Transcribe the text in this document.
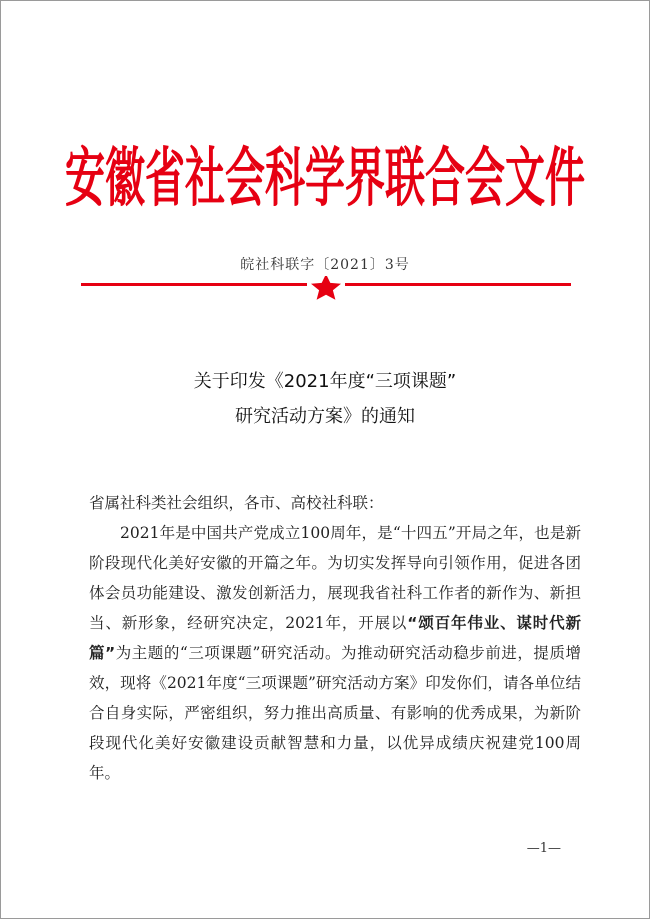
安徽省社会科学界联合会文件
皖社科联字〔2021〕3号
关于印发《2021年度“三项课题”
研究活动方案》的通知

省属社科类社会组织，各市、高校社科联：

2021年是中国共产党成立100周年，是“十四五”开局之年，也是新阶段现代化美好安徽的开篇之年。为切实发挥导向引领作用，促进各团体会员功能建设、激发创新活力，展现我省社科工作者的新作为、新担当、新形象，经研究决定，2021年，开展以“颂百年伟业、谋时代新篇”为主题的“三项课题”研究活动。为推动研究活动稳步前进，提质增效，现将《2021年度“三项课题”研究活动方案》印发你们，请各单位结合自身实际，严密组织，努力推出高质量、有影响的优秀成果，为新阶段现代化美好安徽建设贡献智慧和力量，以优异成绩庆祝建党100周年。

—1—
